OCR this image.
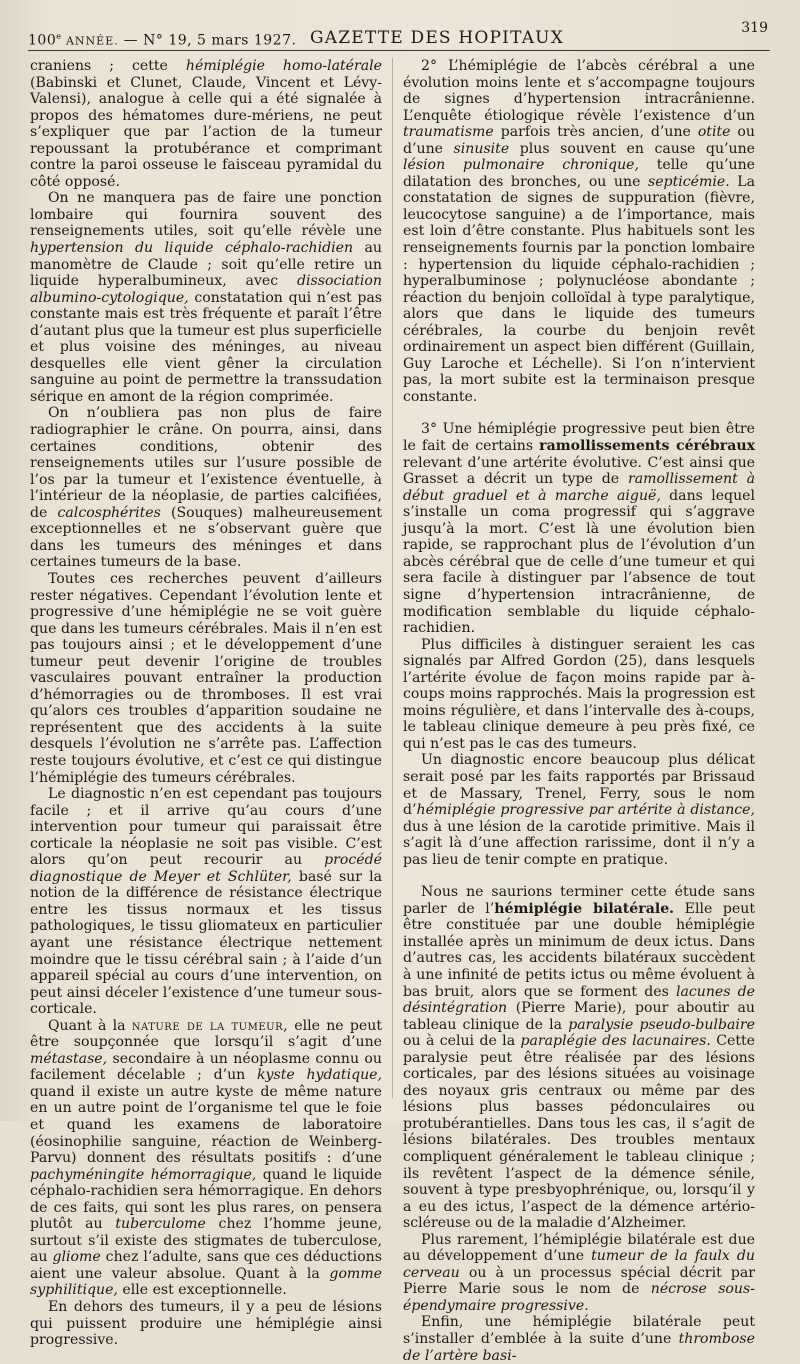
100e ANNÉE. — N° 19, 5 mars 1927. GAZETTE DES HOPITAUX	319

craniens ; cette hémiplégie homo-latérale (Babinski et Clunet, Claude, Vincent et Lévy-Valensi), analogue à celle qui a été signalée à propos des hématomes dure-mériens, ne peut s’expliquer que par l’action de la tumeur repoussant la protubérance et comprimant contre la paroi osseuse le faisceau pyramidal du côté opposé.

On ne manquera pas de faire une ponction lombaire qui fournira souvent des renseignements utiles, soit qu’elle révèle une hypertension du liquide céphalo-rachidien au manomètre de Claude ; soit qu’elle retire un liquide hyperalbumineux, avec dissociation albumino-cytologique, constatation qui n’est pas constante mais est très fréquente et paraît l’être d’autant plus que la tumeur est plus superficielle et plus voisine des méninges, au niveau desquelles elle vient gêner la circulation sanguine au point de permettre la transsudation sérique en amont de la région comprimée.

On n’oubliera pas non plus de faire radiographier le crâne. On pourra, ainsi, dans certaines conditions, obtenir des renseignements utiles sur l’usure possible de l’os par la tumeur et l’existence éventuelle, à l’intérieur de la néoplasie, de parties calcifiées, de calcosphérites (Souques) malheureusement exceptionnelles et ne s’observant guère que dans les tumeurs des méninges et dans certaines tumeurs de la base.

Toutes ces recherches peuvent d’ailleurs rester négatives. Cependant l’évolution lente et progressive d’une hémiplégie ne se voit guère que dans les tumeurs cérébrales. Mais il n’en est pas toujours ainsi ; et le développement d’une tumeur peut devenir l’origine de troubles vasculaires pouvant entraîner la production d’hémorragies ou de thromboses. Il est vrai qu’alors ces troubles d’apparition soudaine ne représentent que des accidents à la suite desquels l’évolution ne s’arrête pas. L’affection reste toujours évolutive, et c’est ce qui distingue l’hémiplégie des tumeurs cérébrales.

Le diagnostic n’en est cependant pas toujours facile ; et il arrive qu’au cours d’une intervention pour tumeur qui paraissait être corticale la néoplasie ne soit pas visible. C’est alors qu’on peut recourir au procédé diagnostique de Meyer et Schlüter, basé sur la notion de la différence de résistance électrique entre les tissus normaux et les tissus pathologiques, le tissu gliomateux en particulier ayant une résistance électrique nettement moindre que le tissu cérébral sain ; à l’aide d’un appareil spécial au cours d’une intervention, on peut ainsi déceler l’existence d’une tumeur sous-corticale.

Quant à la nature de la tumeur, elle ne peut être soupçonnée que lorsqu’il s’agit d’une métastase, secondaire à un néoplasme connu ou facilement décelable ; d’un kyste hydatique, quand il existe un autre kyste de même nature en un autre point de l’organisme tel que le foie et quand les examens de laboratoire (éosinophilie sanguine, réaction de Weinberg-Parvu) donnent des résultats positifs : d’une pachyméningite hémorragique, quand le liquide céphalo-rachidien sera hémorragique. En dehors de ces faits, qui sont les plus rares, on pensera plutôt au tuberculome chez l’homme jeune, surtout s’il existe des stigmates de tuberculose, au gliome chez l’adulte, sans que ces déductions aient une valeur absolue. Quant à la gomme syphilitique, elle est exceptionnelle.

En dehors des tumeurs, il y a peu de lésions qui puissent produire une hémiplégie ainsi progressive.

2° L’hémiplégie de l’abcès cérébral a une évolution moins lente et s’accompagne toujours de signes d’hypertension intracrânienne. L’enquête étiologique révèle l’existence d’un traumatisme parfois très ancien, d’une otite ou d’une sinusite plus souvent en cause qu’une lésion pulmonaire chronique, telle qu’une dilatation des bronches, ou une septicémie. La constatation de signes de suppuration (fièvre, leucocytose sanguine) a de l’importance, mais est loin d’être constante. Plus habituels sont les renseignements fournis par la ponction lombaire : hypertension du liquide céphalo-rachidien ; hyperalbuminose ; polynucléose abondante ; réaction du benjoin colloïdal à type paralytique, alors que dans le liquide des tumeurs cérébrales, la courbe du benjoin revêt ordinairement un aspect bien différent (Guillain, Guy Laroche et Léchelle). Si l’on n’intervient pas, la mort subite est la terminaison presque constante.

3° Une hémiplégie progressive peut bien être le fait de certains ramollissements cérébraux relevant d’une artérite évolutive. C’est ainsi que Grasset a décrit un type de ramollissement à début graduel et à marche aiguë, dans lequel s’installe un coma progressif qui s’aggrave jusqu’à la mort. C’est là une évolution bien rapide, se rapprochant plus de l’évolution d’un abcès cérébral que de celle d’une tumeur et qui sera facile à distinguer par l’absence de tout signe d’hypertension intracrânienne, de modification semblable du liquide céphalo-rachidien.

Plus difficiles à distinguer seraient les cas signalés par Alfred Gordon (25), dans lesquels l’artérite évolue de façon moins rapide par à-coups moins rapprochés. Mais la progression est moins régulière, et dans l’intervalle des à-coups, le tableau clinique demeure à peu près fixé, ce qui n’est pas le cas des tumeurs.

Un diagnostic encore beaucoup plus délicat serait posé par les faits rapportés par Brissaud et de Massary, Trenel, Ferry, sous le nom d’hémiplégie progressive par artérite à distance, dus à une lésion de la carotide primitive. Mais il s’agit là d’une affection rarissime, dont il n’y a pas lieu de tenir compte en pratique.

Nous ne saurions terminer cette étude sans parler de l’hémiplégie bilatérale. Elle peut être constituée par une double hémiplégie installée après un minimum de deux ictus. Dans d’autres cas, les accidents bilatéraux succèdent à une infinité de petits ictus ou même évoluent à bas bruit, alors que se forment des lacunes de désintégration (Pierre Marie), pour aboutir au tableau clinique de la paralysie pseudo-bulbaire ou à celui de la paraplégie des lacunaires. Cette paralysie peut être réalisée par des lésions corticales, par des lésions situées au voisinage des noyaux gris centraux ou même par des lésions plus basses pédonculaires ou protubérantielles. Dans tous les cas, il s’agit de lésions bilatérales. Des troubles mentaux compliquent généralement le tableau clinique ; ils revêtent l’aspect de la démence sénile, souvent à type presbyophrénique, ou, lorsqu’il y a eu des ictus, l’aspect de la démence artério-scléreuse ou de la maladie d’Alzheimer.

Plus rarement, l’hémiplégie bilatérale est due au développement d’une tumeur de la faulx du cerveau ou à un processus spécial décrit par Pierre Marie sous le nom de nécrose sous-épendymaire progressive.

Enfin, une hémiplégie bilatérale peut s’installer d’emblée à la suite d’une thrombose de l’artère basi-
